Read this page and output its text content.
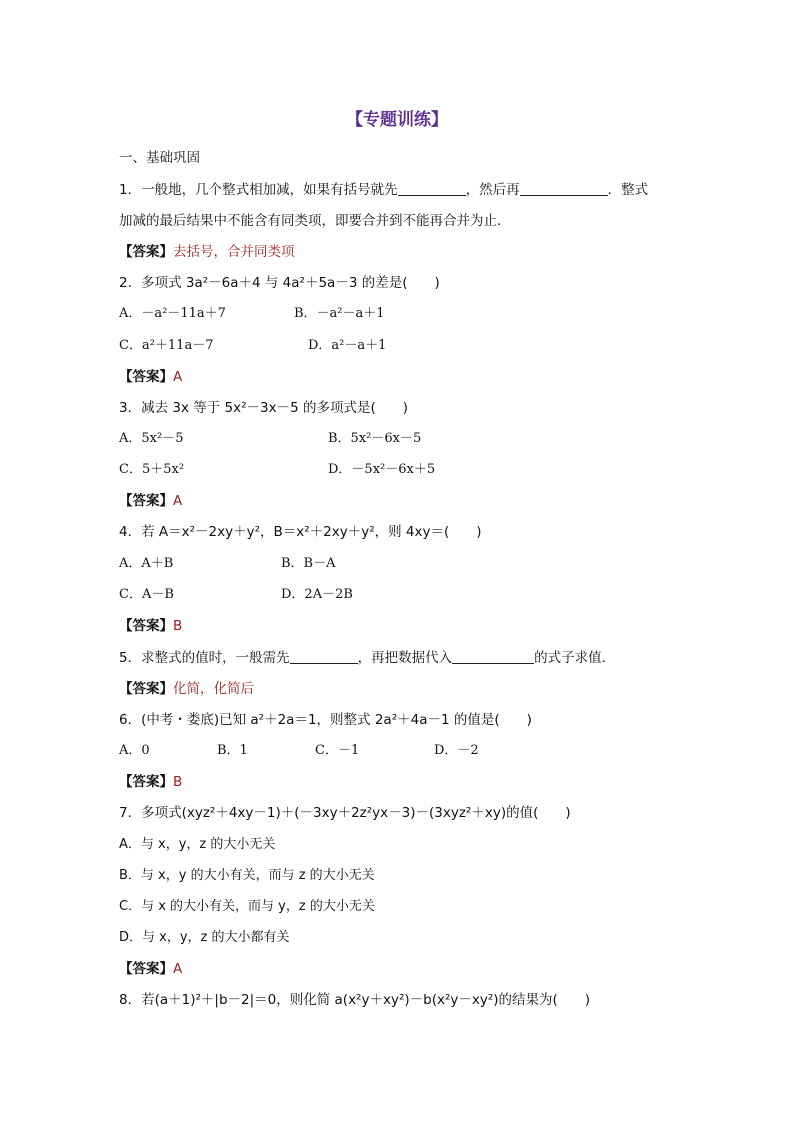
【专题训练】
一、基础巩固
1．一般地，几个整式相加减，如果有括号就先	，然后再	．整式
加减的最后结果中不能含有同类项，即要合并到不能再合并为止．
【答案】去括号，合并同类项
2．多项式 3a²－6a＋4 与 4a²＋5a－3 的差是(　　)
A．－a²－11a＋7	B．－a²－a＋1
C．a²＋11a－7	D．a²－a＋1
【答案】A
3．减去 3x 等于 5x²－3x－5 的多项式是(　　)
A．5x²－5	B．5x²－6x－5
C．5＋5x²	D．－5x²－6x＋5
【答案】A
4．若 A＝x²－2xy＋y²，B＝x²＋2xy＋y²，则 4xy＝(　　)
A．A＋B	B．B－A
C．A－B	D．2A－2B
【答案】B
5．求整式的值时，一般需先	，再把数据代入	的式子求值．
【答案】化简，化简后
6．(中考・娄底)已知 a²＋2a＝1，则整式 2a²＋4a－1 的值是(　　)
A．0	B．1	C．－1	D．－2
【答案】B
7．多项式(xyz²＋4xy－1)＋(－3xy＋2z²yx－3)－(3xyz²＋xy)的值(　　)
A．与 x，y，z 的大小无关
B．与 x，y 的大小有关，而与 z 的大小无关
C．与 x 的大小有关，而与 y，z 的大小无关
D．与 x，y，z 的大小都有关
【答案】A
8．若(a＋1)²＋|b－2|＝0，则化简 a(x²y＋xy²)－b(x²y－xy²)的结果为(　　)
